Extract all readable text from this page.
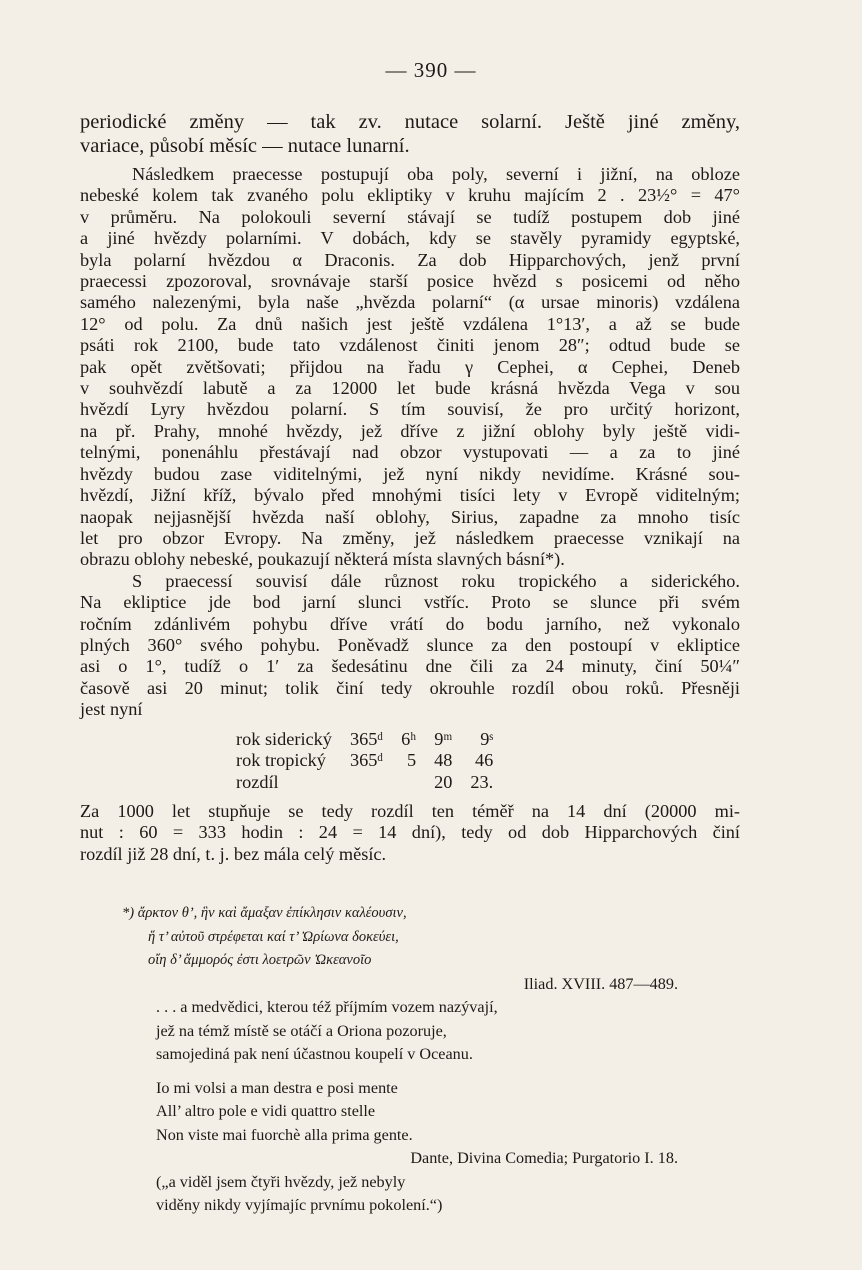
— 390 —

periodické změny — tak zv. nutace solarní. Ještě jiné změny,
variace, působí měsíc — nutace lunarní.

Následkem praecesse postupují oba poly, severní i jižní, na obloze
nebeské kolem tak zvaného polu ekliptiky v kruhu majícím 2 . 23½° = 47°
v průměru. Na polokouli severní stávají se tudíž postupem dob jiné
a jiné hvězdy polarními. V dobách, kdy se stavěly pyramidy egyptské,
byla polarní hvězdou α Draconis. Za dob Hipparchových, jenž první
praecessi zpozoroval, srovnávaje starší posice hvězd s posicemi od něho
samého nalezenými, byla naše „hvězda polarní“ (α ursae minoris) vzdálena
12° od polu. Za dnů našich jest ještě vzdálena 1°13′, a až se bude
psáti rok 2100, bude tato vzdálenost činiti jenom 28″; odtud bude se
pak opět zvětšovati; přijdou na řadu γ Cephei, α Cephei, Deneb
v souhvězdí labutě a za 12000 let bude krásná hvězda Vega v sou
hvězdí Lyry hvězdou polarní. S tím souvisí, že pro určitý horizont,
na př. Prahy, mnohé hvězdy, jež dříve z jižní oblohy byly ještě vidi-
telnými, ponenáhlu přestávají nad obzor vystupovati — a za to jiné
hvězdy budou zase viditelnými, jež nyní nikdy nevidíme. Krásné sou-
hvězdí, Jižní kříž, bývalo před mnohými tisíci lety v Evropě viditelným;
naopak nejjasnější hvězda naší oblohy, Sirius, zapadne za mnoho tisíc
let pro obzor Evropy. Na změny, jež následkem praecesse vznikají na
obrazu oblohy nebeské, poukazují některá místa slavných básní*).

S praecessí souvisí dále různost roku tropického a siderického.
Na ekliptice jde bod jarní slunci vstříc. Proto se slunce při svém
ročním zdánlivém pohybu dříve vrátí do bodu jarního, než vykonalo
plných 360° svého pohybu. Poněvadž slunce za den postoupí v ekliptice
asi o 1°, tudíž o 1′ za šedesátinu dne čili za 24 minuty, činí 50¼″
časově asi 20 minut; tolik činí tedy okrouhle rozdíl obou roků. Přesněji
jest nyní

rok siderický	365ᵈ	6ʰ	9ᵐ	9ˢ
rok tropický	365ᵈ	5	48	46
rozdíl			20	23.

Za 1000 let stupňuje se tedy rozdíl ten téměř na 14 dní (20000 mi-
nut : 60 = 333 hodin : 24 = 14 dní), tedy od dob Hipparchových činí
rozdíl již 28 dní, t. j. bez mála celý měsíc.

*) ἄρκτον θ’, ἣν καὶ ἄμαξαν ἐπίκλησιν καλέουσιν,
ἥ τ’ αὐτοῦ στρέφεται καί τ’ Ὠρίωνα δοκεύει,
οἴη δ’ ἄμμορός ἐστι λοετρῶν Ὠκεανοῖο
Iliad. XVIII. 487—489.
. . . a medvědici, kterou též příjmím vozem nazývají,
jež na témž místě se otáčí a Oriona pozoruje,
samojediná pak není účastnou koupelí v Oceanu.
Io mi volsi a man destra e posi mente
All’ altro pole e vidi quattro stelle
Non viste mai fuorchè alla prima gente.
Dante, Divina Comedia; Purgatorio I. 18.
(„a viděl jsem čtyři hvězdy, jež nebyly
viděny nikdy vyjímajíc prvnímu pokolení.“)
